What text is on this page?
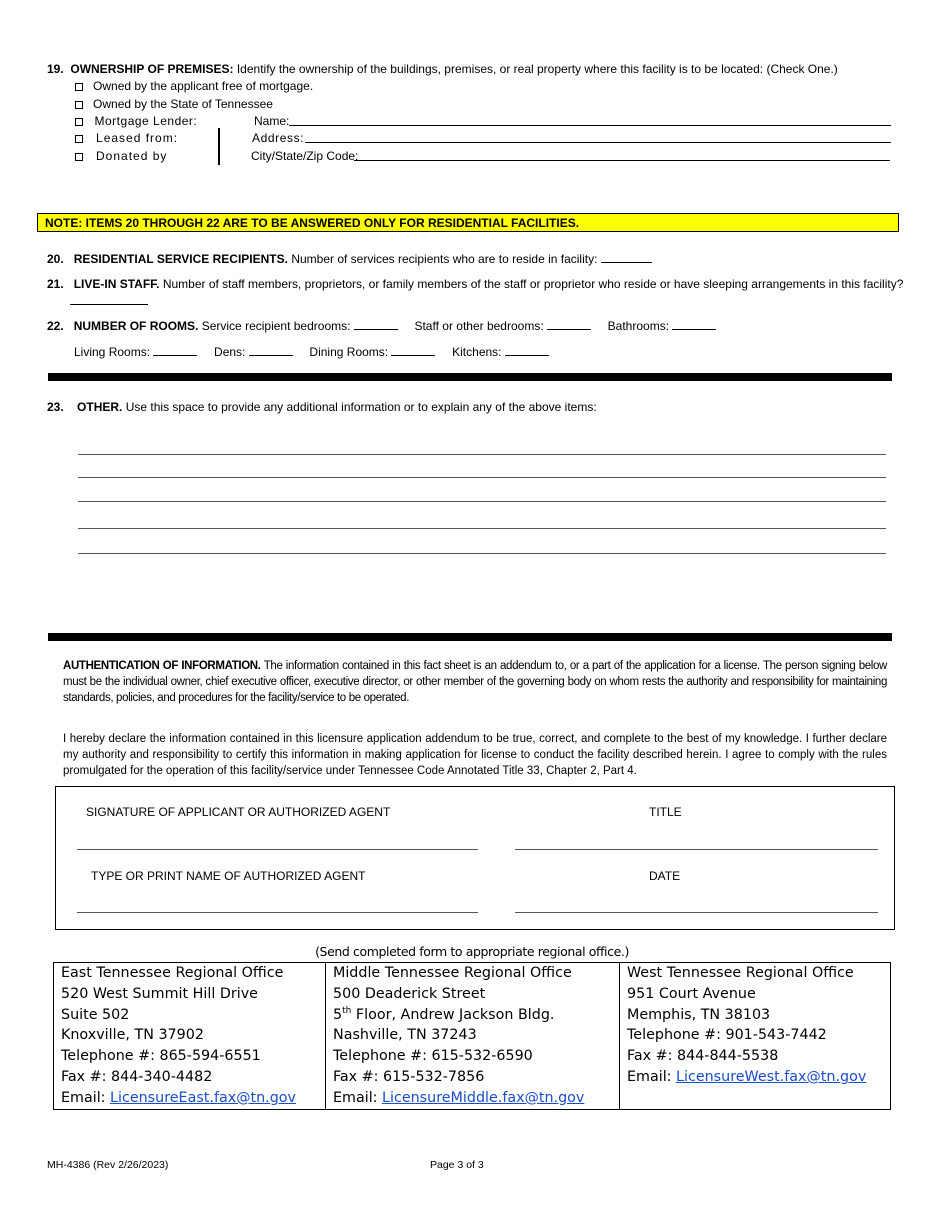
19. OWNERSHIP OF PREMISES: Identify the ownership of the buildings, premises, or real property where this facility is to be located: (Check One.)
Owned by the applicant free of mortgage.
Owned by the State of Tennessee
Mortgage Lender:
Leased from:
Donated by
Name:
Address:
City/State/Zip Code:
NOTE: ITEMS 20 THROUGH 22 ARE TO BE ANSWERED ONLY FOR RESIDENTIAL FACILITIES.
20. RESIDENTIAL SERVICE RECIPIENTS. Number of services recipients who are to reside in facility:
21. LIVE-IN STAFF. Number of staff members, proprietors, or family members of the staff or proprietor who reside or have sleeping arrangements in this facility?
22. NUMBER OF ROOMS. Service recipient bedrooms:	Staff or other bedrooms:	Bathrooms:
Living Rooms:	Dens:	Dining Rooms:	Kitchens:
23. OTHER. Use this space to provide any additional information or to explain any of the above items:
AUTHENTICATION OF INFORMATION. The information contained in this fact sheet is an addendum to, or a part of the application for a license. The person signing below must be the individual owner, chief executive officer, executive director, or other member of the governing body on whom rests the authority and responsibility for maintaining standards, policies, and procedures for the facility/service to be operated.
I hereby declare the information contained in this licensure application addendum to be true, correct, and complete to the best of my knowledge. I further declare my authority and responsibility to certify this information in making application for license to conduct the facility described herein. I agree to comply with the rules promulgated for the operation of this facility/service under Tennessee Code Annotated Title 33, Chapter 2, Part 4.
SIGNATURE OF APPLICANT OR AUTHORIZED AGENT	TITLE
TYPE OR PRINT NAME OF AUTHORIZED AGENT	DATE
(Send completed form to appropriate regional office.)
East Tennessee Regional Office
520 West Summit Hill Drive
Suite 502
Knoxville, TN 37902
Telephone #: 865-594-6551
Fax #: 844-340-4482
Email: LicensureEast.fax@tn.gov

Middle Tennessee Regional Office
500 Deaderick Street
5th Floor, Andrew Jackson Bldg.
Nashville, TN 37243
Telephone #: 615-532-6590
Fax #: 615-532-7856
Email: LicensureMiddle.fax@tn.gov

West Tennessee Regional Office
951 Court Avenue
Memphis, TN 38103
Telephone #: 901-543-7442
Fax #: 844-844-5538
Email: LicensureWest.fax@tn.gov
MH-4386 (Rev 2/26/2023)	Page 3 of 3
